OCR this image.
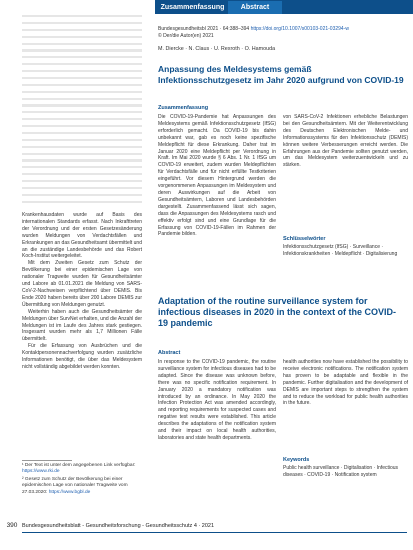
Krankenhausdaten wurde auf Basis des internationalen Standards erfasst. Nach Inkrafttreten der Verordnung und der ersten Gesetzesänderung wurden Meldungen von Verdachtsfällen und Erkrankungen an das Gesundheitsamt übermittelt und an die zuständige Landesbehörde und das Robert Koch-Institut weitergeleitet.

Mit dem Zweiten Gesetz zum Schutz der Bevölkerung bei einer epidemischen Lage von nationaler Tragweite wurden für Gesundheitsämter und Labore ab 01.01.2021 die Meldung von SARS-CoV-2-Nachweisen verpflichtend über DEMIS. Bis Ende 2020 haben bereits über 200 Labore DEMIS zur Übermittlung von Meldungen genutzt.

Weiterhin haben auch die Gesundheitsämter die Meldungen über SurvNet erhalten, und die Anzahl der Meldungen ist im Laufe des Jahres stark gestiegen. Insgesamt wurden mehr als 1,7 Millionen Fälle übermittelt.

Für die Erfassung von Ausbrüchen und die Kontaktpersonennachverfolgung wurden zusätzliche Informationen benötigt, die über das Meldesystem nicht vollständig abgebildet werden konnten.

Zusammenfassung	Abstract
Bundesgesundheitsbl 2021 · 64:388–394 https://doi.org/10.1007/s00103-021-03294-w
© Der/die Autor(en) 2021
M. Diercke · N. Claus · U. Rexroth · O. Hamouda
Anpassung des Meldesystems gemäß Infektionsschutzgesetz im Jahr 2020 aufgrund von COVID-19

Zusammenfassung

Die COVID-19-Pandemie hat Anpassungen des Meldesystems gemäß Infektionsschutzgesetz (IfSG) erforderlich gemacht. Da COVID-19 bis dahin unbekannt war, gab es noch keine spezifische Meldepflicht für diese Erkrankung. Daher trat im Januar 2020 eine Meldepflicht per Verordnung in Kraft. Im Mai 2020 wurde § 6 Abs. 1 Nr. 1 IfSG um COVID-19 erweitert, zudem wurden Meldepflichten für Verdachtsfälle und für nicht erfüllte Testkriterien eingeführt. Vor diesem Hintergrund werden die vorgenommenen Anpassungen im Meldesystem und deren Auswirkungen auf die Arbeit von Gesundheitsämtern, Laboren und Landesbehörden dargestellt. Zusammenfassend lässt sich sagen, dass die Anpassungen des Meldesystems rasch und effektiv erfolgt sind und eine Grundlage für die Erfassung von COVID-19-Fällen im Rahmen der Pandemie bilden.

von SARS-CoV-2 Infektionen erhebliche Belastungen bei den Gesundheitsämtern. Mit der Weiterentwicklung des Deutschen Elektronischen Melde- und Informationssystems für den Infektionsschutz (DEMIS) können weitere Verbesserungen erreicht werden. Die Erfahrungen aus der Pandemie sollten genutzt werden, um das Meldesystem weiterzuentwickeln und zu stärken.

Schlüsselwörter

Infektionsschutzgesetz (IfSG) · Surveillance · Infektionskrankheiten · Meldepflicht · Digitalisierung

Adaptation of the routine surveillance system for infectious diseases in 2020 in the context of the COVID-19 pandemic

Abstract

In response to the COVID-19 pandemic, the routine surveillance system for infectious diseases had to be adapted. Since the disease was unknown before, there was no specific notification requirement. In January 2020 a mandatory notification was introduced by an ordinance. In May 2020 the Infection Protection Act was amended accordingly, and reporting requirements for suspected cases and negative test results were established. This article describes the adaptations of the notification system and their impact on local health authorities, laboratories and state health departments.

health authorities now have established the possibility to receive electronic notifications. The notification system has proven to be adaptable and flexible in the pandemic. Further digitalisation and the development of DEMIS are important steps to strengthen the system and to reduce the workload for public health authorities in the future.

Keywords

Public health surveillance · Digitalisation · Infectious diseases · COVID-19 · Notification system

¹ Der Text ist unter dem angegebenen Link verfügbar: https://www.rki.de

² Gesetz zum Schutz der Bevölkerung bei einer epidemischen Lage von nationaler Tragweite vom 27.03.2020: https://www.bgbl.de

390 Bundesgesundheitsblatt - Gesundheitsforschung - Gesundheitsschutz 4 · 2021
